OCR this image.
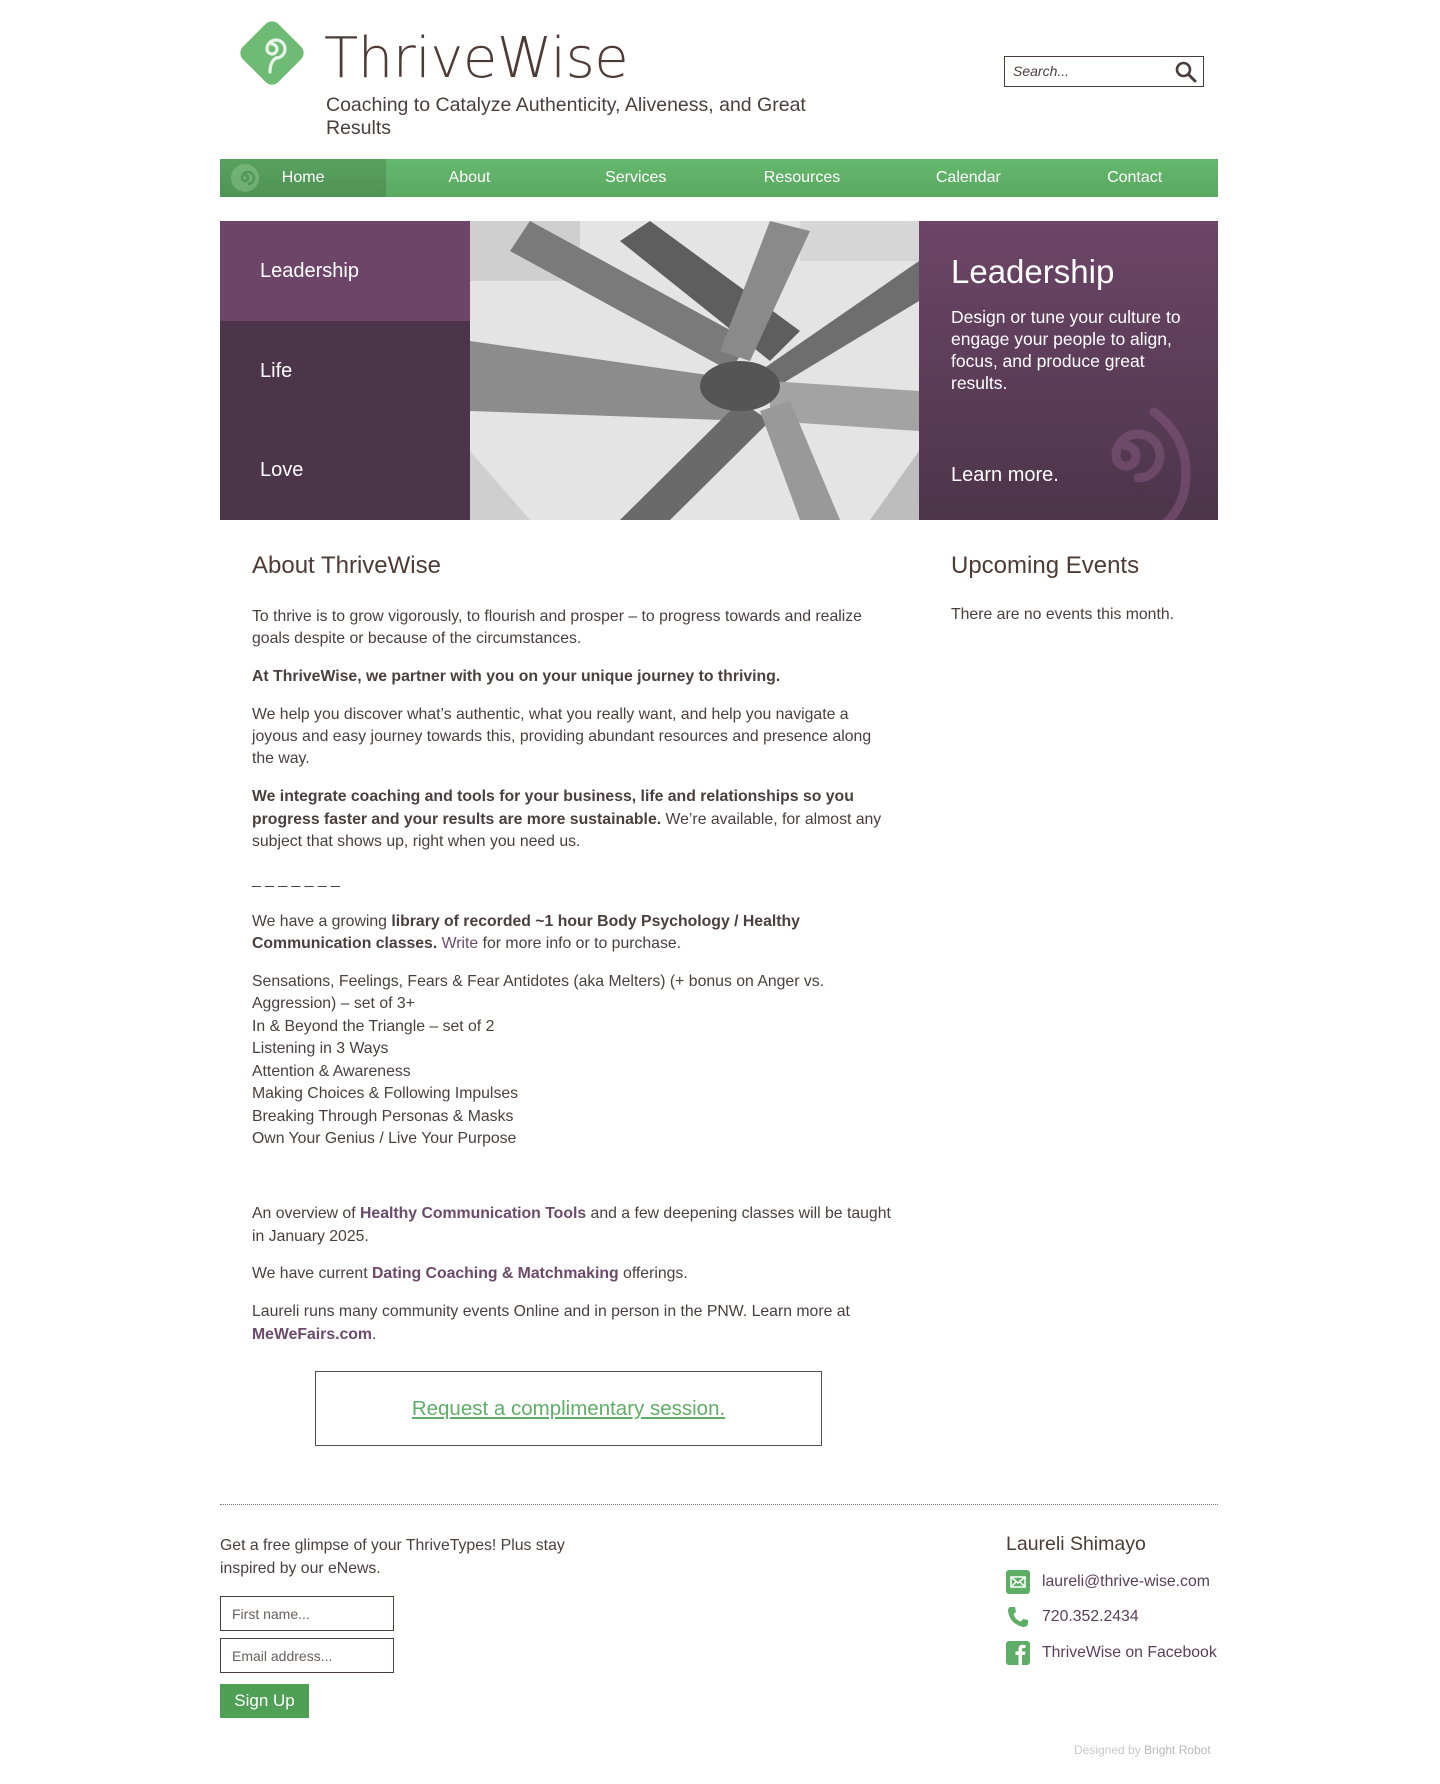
ThriveWise
Coaching to Catalyze Authenticity, Aliveness, and Great Results
Search...
Home	About	Services	Resources	Calendar	Contact
Leadership
Life
Love
Leadership

Design or tune your culture to engage your people to align, focus, and produce great results.

Learn more.
About ThriveWise

To thrive is to grow vigorously, to flourish and prosper – to progress towards and realize goals despite or because of the circumstances.

At ThriveWise, we partner with you on your unique journey to thriving.

We help you discover what’s authentic, what you really want, and help you navigate a joyous and easy journey towards this, providing abundant resources and presence along the way.

We integrate coaching and tools for your business, life and relationships so you progress faster and your results are more sustainable. We’re available, for almost any subject that shows up, right when you need us.

_ _ _ _ _ _ _

We have a growing library of recorded ~1 hour Body Psychology / Healthy Communication classes. Write for more info or to purchase.

Sensations, Feelings, Fears & Fear Antidotes (aka Melters) (+ bonus on Anger vs. Aggression) – set of 3+
In & Beyond the Triangle – set of 2
Listening in 3 Ways
Attention & Awareness
Making Choices & Following Impulses
Breaking Through Personas & Masks
Own Your Genius / Live Your Purpose

An overview of Healthy Communication Tools and a few deepening classes will be taught in January 2025.

We have current Dating Coaching & Matchmaking offerings.

Laureli runs many community events Online and in person in the PNW. Learn more at MeWeFairs.com.

Upcoming Events

There are no events this month.

Request a complimentary session.
Get a free glimpse of your ThriveTypes! Plus stay inspired by our eNews.
First name...
Email address...
Sign Up
Laureli Shimayo
laureli@thrive-wise.com
720.352.2434
ThriveWise on Facebook
Designed by Bright Robot
